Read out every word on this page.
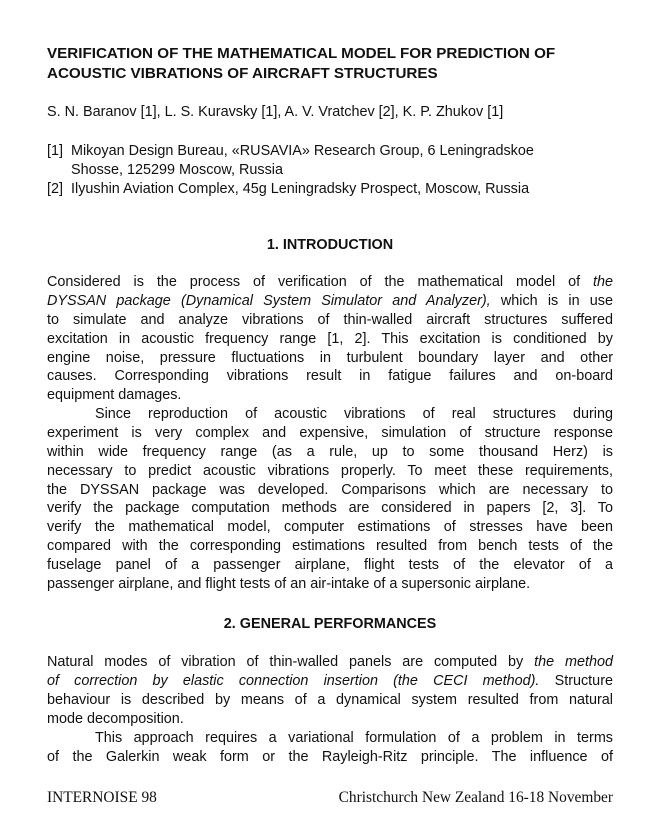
VERIFICATION OF THE MATHEMATICAL MODEL FOR PREDICTION OF
ACOUSTIC VIBRATIONS OF AIRCRAFT STRUCTURES
S. N. Baranov [1], L. S. Kuravsky [1], A. V. Vratchev [2], K. P. Zhukov [1]
[1] Mikoyan Design Bureau, «RUSAVIA» Research Group, 6 Leningradskoe
Shosse, 125299 Moscow, Russia
[2] Ilyushin Aviation Complex, 45g Leningradsky Prospect, Moscow, Russia
1. INTRODUCTION
Considered is the process of verification of the mathematical model of the
DYSSAN package (Dynamical System Simulator and Analyzer), which is in use
to simulate and analyze vibrations of thin-walled aircraft structures suffered
excitation in acoustic frequency range [1, 2]. This excitation is conditioned by
engine noise, pressure fluctuations in turbulent boundary layer and other
causes. Corresponding vibrations result in fatigue failures and on-board
equipment damages.
Since reproduction of acoustic vibrations of real structures during
experiment is very complex and expensive, simulation of structure response
within wide frequency range (as a rule, up to some thousand Herz) is
necessary to predict acoustic vibrations properly. To meet these requirements,
the DYSSAN package was developed. Comparisons which are necessary to
verify the package computation methods are considered in papers [2, 3]. To
verify the mathematical model, computer estimations of stresses have been
compared with the corresponding estimations resulted from bench tests of the
fuselage panel of a passenger airplane, flight tests of the elevator of a
passenger airplane, and flight tests of an air-intake of a supersonic airplane.
2. GENERAL PERFORMANCES
Natural modes of vibration of thin-walled panels are computed by the method
of correction by elastic connection insertion (the CECI method). Structure
behaviour is described by means of a dynamical system resulted from natural
mode decomposition.
This approach requires a variational formulation of a problem in terms
of the Galerkin weak form or the Rayleigh-Ritz principle. The influence of
INTERNOISE 98	Christchurch New Zealand 16-18 November
